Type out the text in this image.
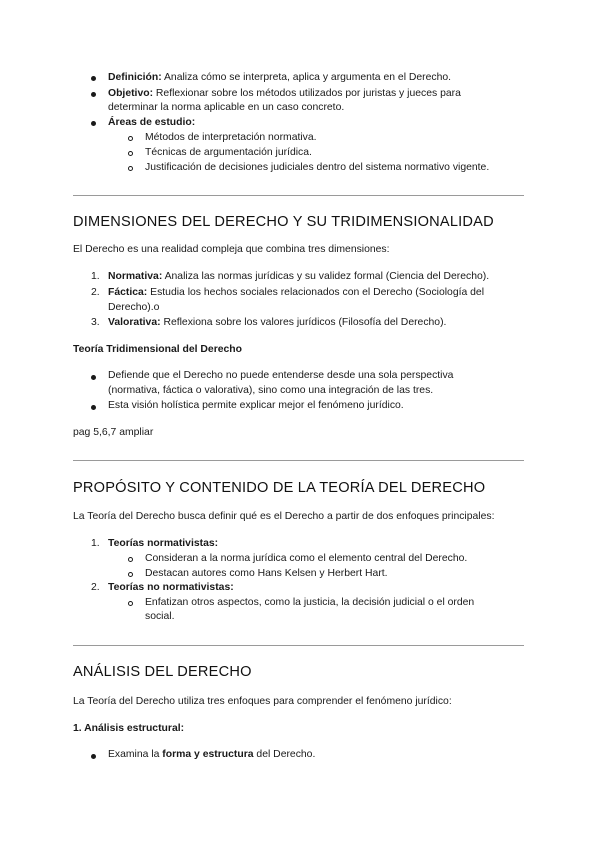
Definición: Analiza cómo se interpreta, aplica y argumenta en el Derecho.
Objetivo: Reflexionar sobre los métodos utilizados por juristas y jueces para
determinar la norma aplicable en un caso concreto.
Áreas de estudio:
Métodos de interpretación normativa.
Técnicas de argumentación jurídica.
Justificación de decisiones judiciales dentro del sistema normativo vigente.
DIMENSIONES DEL DERECHO Y SU TRIDIMENSIONALIDAD
El Derecho es una realidad compleja que combina tres dimensiones:
1. Normativa: Analiza las normas jurídicas y su validez formal (Ciencia del Derecho).
2. Fáctica: Estudia los hechos sociales relacionados con el Derecho (Sociología del
Derecho).o
3. Valorativa: Reflexiona sobre los valores jurídicos (Filosofía del Derecho).
Teoría Tridimensional del Derecho
Defiende que el Derecho no puede entenderse desde una sola perspectiva
(normativa, fáctica o valorativa), sino como una integración de las tres.
Esta visión holística permite explicar mejor el fenómeno jurídico.
pag 5,6,7 ampliar
PROPÓSITO Y CONTENIDO DE LA TEORÍA DEL DERECHO
La Teoría del Derecho busca definir qué es el Derecho a partir de dos enfoques principales:
1. Teorías normativistas:
Consideran a la norma jurídica como el elemento central del Derecho.
Destacan autores como Hans Kelsen y Herbert Hart.
2. Teorías no normativistas:
Enfatizan otros aspectos, como la justicia, la decisión judicial o el orden
social.
ANÁLISIS DEL DERECHO
La Teoría del Derecho utiliza tres enfoques para comprender el fenómeno jurídico:
1. Análisis estructural:
Examina la forma y estructura del Derecho.
